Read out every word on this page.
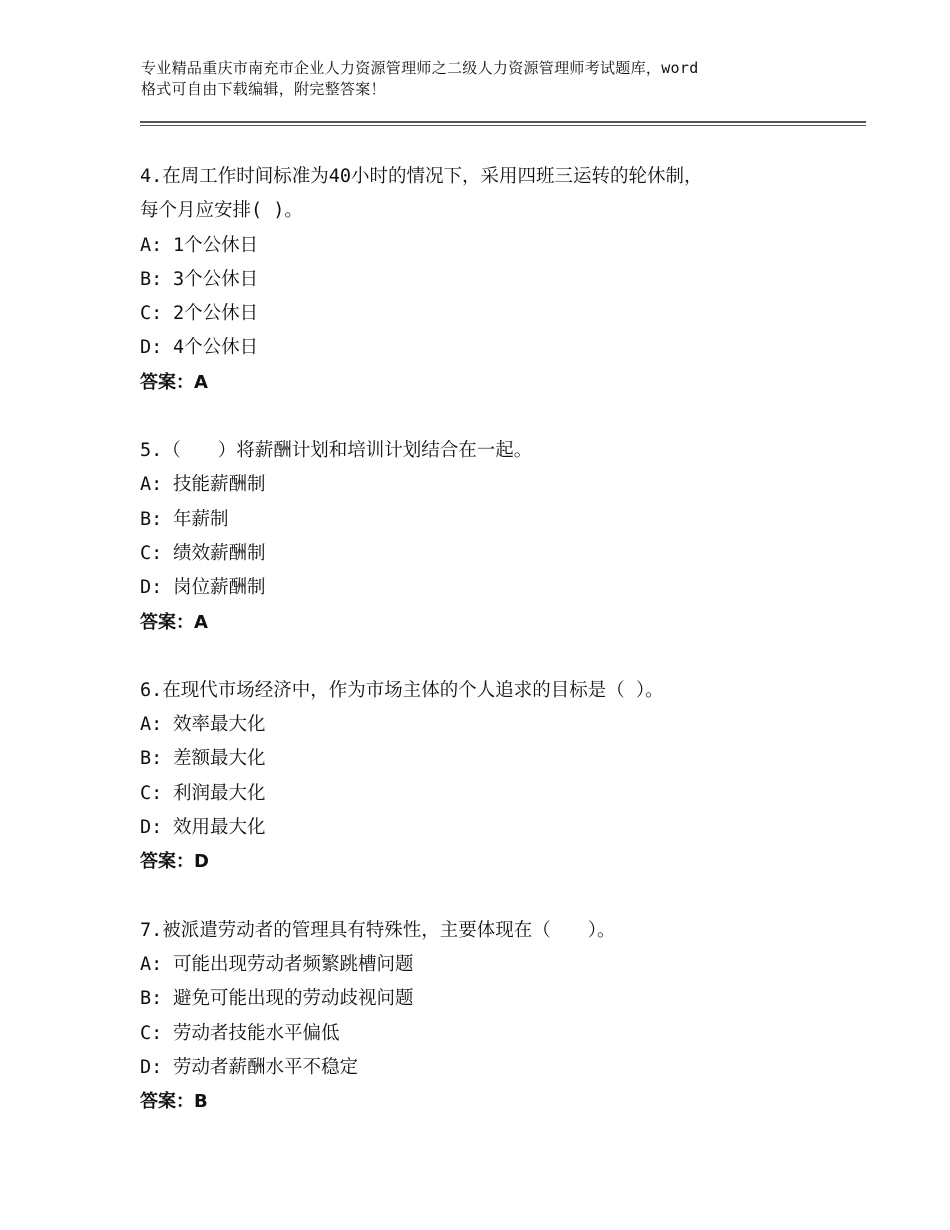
专业精品重庆市南充市企业人力资源管理师之二级人力资源管理师考试题库，word
格式可自由下载编辑，附完整答案！
4.在周工作时间标准为40小时的情况下，采用四班三运转的轮休制，
每个月应安排( )。
A: 1个公休日
B: 3个公休日
C: 2个公休日
D: 4个公休日
答案：A
5.（　　）将薪酬计划和培训计划结合在一起。
A: 技能薪酬制
B: 年薪制
C: 绩效薪酬制
D: 岗位薪酬制
答案：A
6.在现代市场经济中，作为市场主体的个人追求的目标是（ ）。
A: 效率最大化
B: 差额最大化
C: 利润最大化
D: 效用最大化
答案：D
7.被派遣劳动者的管理具有特殊性，主要体现在（　　）。
A: 可能出现劳动者频繁跳槽问题
B: 避免可能出现的劳动歧视问题
C: 劳动者技能水平偏低
D: 劳动者薪酬水平不稳定
答案：B
